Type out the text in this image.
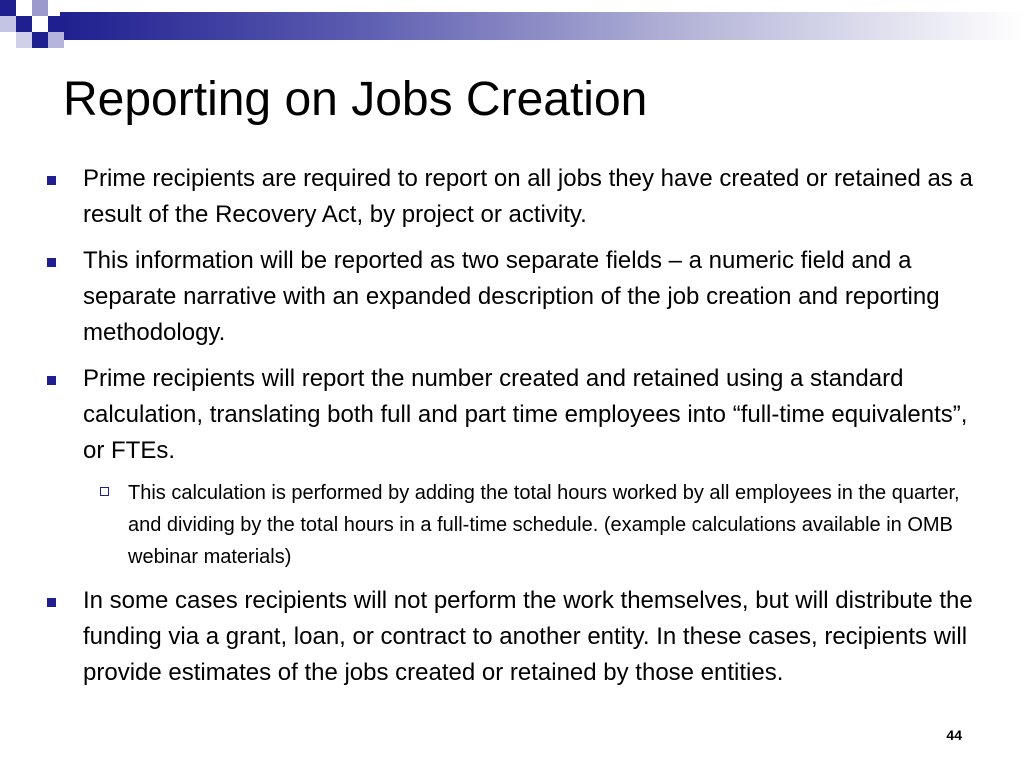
Reporting on Jobs Creation
Prime recipients are required to report on all jobs they have created or retained as a result of the Recovery Act, by project or activity.
This information will be reported as two separate fields – a numeric field and a separate narrative with an expanded description of the job creation and reporting methodology.
Prime recipients will report the number created and retained using a standard calculation, translating both full and part time employees into “full-time equivalents”, or FTEs.
This calculation is performed by adding the total hours worked by all employees in the quarter, and dividing by the total hours in a full-time schedule. (example calculations available in OMB webinar materials)
In some cases recipients will not perform the work themselves, but will distribute the funding via a grant, loan, or contract to another entity. In these cases, recipients will provide estimates of the jobs created or retained by those entities.
44
